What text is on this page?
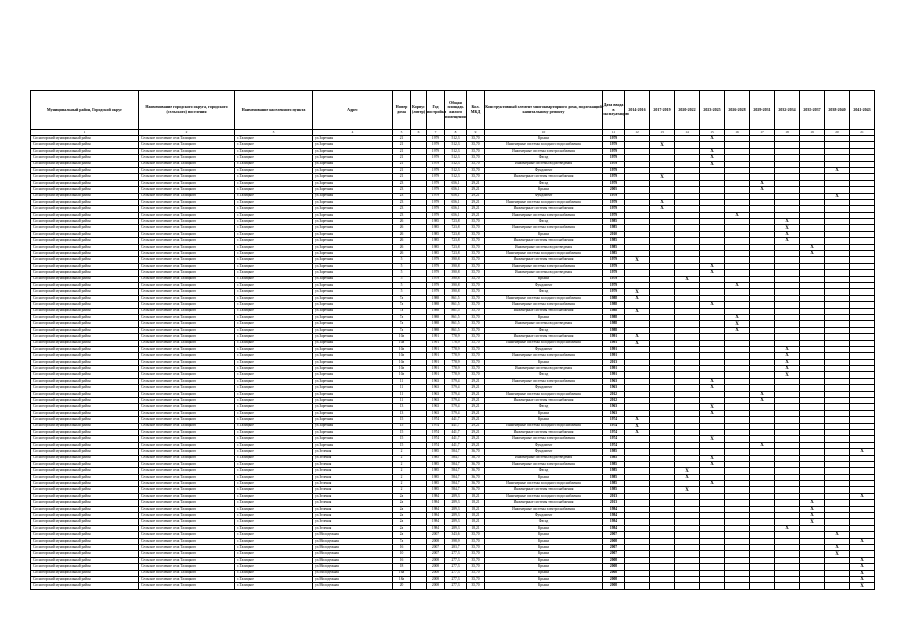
Муниципальный район, Городской округ	Наименование городского округа, городского (сельского) поселения	Наименование населенного пункта	Адрес	Номер дома	Корпус (литер)	Год постройки	Общая площадь жилого помещения	Кол. МКД	Конструктивный элемент многоквартирного дома, подлежащий капитальному ремонту	Дата ввода в эксплуатацию	2014-2016	2017-2019	2020-2022	2023-2025	2026-2028	2029-2031	2032-2034	2035-2037	2038-2040	2041-2043
1	2	3	4	5	6	7	8	9	10	11	12	13	14	15	16	17	18	19	20	21
Сосногорский муниципальный район	Сельское поселение села Талицкого	с.Талицкое	ул.Заречная	21		1979	512,3	35,70	Крыша	1979				X						
Сосногорский муниципальный район	Сельское поселение села Талицкого	с.Талицкое	ул.Заречная	21		1979	512,3	35,70	Инженерные системы холодного водоснабжения	1979		X								
Сосногорский муниципальный район	Сельское поселение села Талицкого	с.Талицкое	ул.Заречная	21		1979	512,3	35,70	Инженерные системы электроснабжения	1979				X						
Сосногорский муниципальный район	Сельское поселение села Талицкого	с.Талицкое	ул.Заречная	21		1979	512,3	35,70	Фасад	1979				X						
Сосногорский муниципальный район	Сельское поселение села Талицкого	с.Талицкое	ул.Заречная	21		1979	512,3	35,70	Инженерные системы водоотведения	1979				X						
Сосногорский муниципальный район	Сельское поселение села Талицкого	с.Талицкое	ул.Заречная	21		1979	512,3	35,70	Фундамент	1979									X	
Сосногорский муниципальный район	Сельское поселение села Талицкого	с.Талицкое	ул.Заречная	21		1979	512,3	35,70	Инженерные системы теплоснабжения	1979		X								
Сосногорский муниципальный район	Сельское поселение села Талицкого	с.Талицкое	ул.Заречная	23		1979	656,1	29,21	Фасад	1979						X				
Сосногорский муниципальный район	Сельское поселение села Талицкого	с.Талицкое	ул.Заречная	23		1979	656,1	29,21	Крыша	2005						X				
Сосногорский муниципальный район	Сельское поселение села Талицкого	с.Талицкое	ул.Заречная	23		1979	656,1	29,21	Фундамент	1979									X	
Сосногорский муниципальный район	Сельское поселение села Талицкого	с.Талицкое	ул.Заречная	23		1979	656,1	29,21	Инженерные системы холодного водоснабжения	1979		X								
Сосногорский муниципальный район	Сельское поселение села Талицкого	с.Талицкое	ул.Заречная	23		1979	656,1	29,21	Инженерные системы теплоснабжения	1979		X								
Сосногорский муниципальный район	Сельское поселение села Талицкого	с.Талицкое	ул.Заречная	23		1979	656,1	29,21	Инженерные системы электроснабжения	1979					X					
Сосногорский муниципальный район	Сельское поселение села Талицкого	с.Талицкое	ул.Заречная	26		1985	723,8	35,70	Фасад	1985							X			
Сосногорский муниципальный район	Сельское поселение села Талицкого	с.Талицкое	ул.Заречная	26		1985	723,8	35,70	Инженерные системы электроснабжения	1985							X			
Сосногорский муниципальный район	Сельское поселение села Талицкого	с.Талицкое	ул.Заречная	26		1985	723,8	35,70	Крыша	2010							X			
Сосногорский муниципальный район	Сельское поселение села Талицкого	с.Талицкое	ул.Заречная	26		1985	723,8	35,70	Инженерные системы теплоснабжения	1985							X			
Сосногорский муниципальный район	Сельское поселение села Талицкого	с.Талицкое	ул.Заречная	26		1985	723,8	35,70	Инженерные системы водоотведения	1985								X		
Сосногорский муниципальный район	Сельское поселение села Талицкого	с.Талицкое	ул.Заречная	26		1985	723,8	35,70	Инженерные системы холодного водоснабжения	1985								X		
Сосногорский муниципальный район	Сельское поселение села Талицкого	с.Талицкое	ул.Заречная	5		1979	390,8	35,70	Инженерные системы теплоснабжения	1979	X									
Сосногорский муниципальный район	Сельское поселение села Талицкого	с.Талицкое	ул.Заречная	5		1979	390,8	35,70	Инженерные системы электроснабжения	1979				X						
Сосногорский муниципальный район	Сельское поселение села Талицкого	с.Талицкое	ул.Заречная	5		1979	390,8	35,70	Инженерные системы водоотведения	1979				X						
Сосногорский муниципальный район	Сельское поселение села Талицкого	с.Талицкое	ул.Заречная	5		1979	390,8	35,70	Крыша	1979			X							
Сосногорский муниципальный район	Сельское поселение села Талицкого	с.Талицкое	ул.Заречная	5		1979	390,8	35,70	Фундамент	1979					X					
Сосногорский муниципальный район	Сельское поселение села Талицкого	с.Талицкое	ул.Заречная	5		1979	390,8	35,70	Фасад	1979	X									
Сосногорский муниципальный район	Сельское поселение села Талицкого	с.Талицкое	ул.Заречная	7а		1988	861,5	35,70	Инженерные системы холодного водоснабжения	1988	X									
Сосногорский муниципальный район	Сельское поселение села Талицкого	с.Талицкое	ул.Заречная	7а		1988	861,5	35,70	Инженерные системы электроснабжения	1988				X						
Сосногорский муниципальный район	Сельское поселение села Талицкого	с.Талицкое	ул.Заречная	7а		1988	861,5	35,70	Инженерные системы теплоснабжения	1988	X									
Сосногорский муниципальный район	Сельское поселение села Талицкого	с.Талицкое	ул.Заречная	7а		1988	861,5	35,70	Крыша	1988					X					
Сосногорский муниципальный район	Сельское поселение села Талицкого	с.Талицкое	ул.Заречная	7а		1988	861,5	35,70	Инженерные системы водоотведения	1988					X					
Сосногорский муниципальный район	Сельское поселение села Талицкого	с.Талицкое	ул.Заречная	7а		1988	861,5	35,70	Фасад	1988					X					
Сосногорский муниципальный район	Сельское поселение села Талицкого	с.Талицкое	ул.Заречная	10а		1991	778,9	35,70	Инженерные системы теплоснабжения	1991	X									
Сосногорский муниципальный район	Сельское поселение села Талицкого	с.Талицкое	ул.Заречная	10а		1991	778,9	35,70	Инженерные системы холодного водоснабжения	1991	X									
Сосногорский муниципальный район	Сельское поселение села Талицкого	с.Талицкое	ул.Заречная	10а		1991	778,9	35,70	Фундамент	1991							X			
Сосногорский муниципальный район	Сельское поселение села Талицкого	с.Талицкое	ул.Заречная	10а		1991	778,9	35,70	Инженерные системы электроснабжения	1991							X			
Сосногорский муниципальный район	Сельское поселение села Талицкого	с.Талицкое	ул.Заречная	10а		1991	778,9	35,70	Крыша	2013							X			
Сосногорский муниципальный район	Сельское поселение села Талицкого	с.Талицкое	ул.Заречная	10а		1991	778,9	35,70	Инженерные системы водоотведения	1991							X			
Сосногорский муниципальный район	Сельское поселение села Талицкого	с.Талицкое	ул.Заречная	10а		1991	778,9	35,70	Фасад	1991							X			
Сосногорский муниципальный район	Сельское поселение села Талицкого	с.Талицкое	ул.Заречная	11		1963	579,4	29,21	Инженерные системы электроснабжения	1963				X						
Сосногорский муниципальный район	Сельское поселение села Талицкого	с.Талицкое	ул.Заречная	11		1963	579,4	29,21	Фундамент	1963				X						
Сосногорский муниципальный район	Сельское поселение села Талицкого	с.Талицкое	ул.Заречная	11		1963	579,4	29,21	Инженерные системы холодного водоснабжения	2012						X				
Сосногорский муниципальный район	Сельское поселение села Талицкого	с.Талицкое	ул.Заречная	11		1963	579,4	29,21	Инженерные системы теплоснабжения	2012						X				
Сосногорский муниципальный район	Сельское поселение села Талицкого	с.Талицкое	ул.Заречная	13		1963	579,4	29,21	Фасад	1963				X						
Сосногорский муниципальный район	Сельское поселение села Талицкого	с.Талицкое	ул.Заречная	13		1963	579,4	29,21	Крыша	1963				X						
Сосногорский муниципальный район	Сельское поселение села Талицкого	с.Талицкое	ул.Заречная	15		1974	441,7	29,21	Крыша	1974	X									
Сосногорский муниципальный район	Сельское поселение села Талицкого	с.Талицкое	ул.Заречная	15		1974	441,7	29,21	Инженерные системы холодного водоснабжения	1974	X									
Сосногорский муниципальный район	Сельское поселение села Талицкого	с.Талицкое	ул.Заречная	15		1974	441,7	29,21	Инженерные системы теплоснабжения	1974	X									
Сосногорский муниципальный район	Сельское поселение села Талицкого	с.Талицкое	ул.Заречная	15		1974	441,7	29,21	Инженерные системы электроснабжения	1974				X						
Сосногорский муниципальный район	Сельское поселение села Талицкого	с.Талицкое	ул.Заречная	15		1974	441,7	29,21	Фундамент	1974						X				
Сосногорский муниципальный район	Сельское поселение села Талицкого	с.Талицкое	ул.Зеленая	2		1985	584,7	36,70	Фундамент	1985										X
Сосногорский муниципальный район	Сельское поселение села Талицкого	с.Талицкое	ул.Зеленая	2		1985	584,7	36,70	Инженерные системы водоотведения	1985				X						
Сосногорский муниципальный район	Сельское поселение села Талицкого	с.Талицкое	ул.Зеленая	2		1985	584,7	36,70	Инженерные системы электроснабжения	1985				X						
Сосногорский муниципальный район	Сельское поселение села Талицкого	с.Талицкое	ул.Зеленая	2		1985	584,7	36,70	Фасад	1985			X							
Сосногорский муниципальный район	Сельское поселение села Талицкого	с.Талицкое	ул.Зеленая	2		1985	584,7	36,70	Крыша	1985			X							
Сосногорский муниципальный район	Сельское поселение села Талицкого	с.Талицкое	ул.Зеленая	2		1985	584,7	36,70	Инженерные системы холодного водоснабжения	1985				X						
Сосногорский муниципальный район	Сельское поселение села Талицкого	с.Талицкое	ул.Зеленая	2		1985	584,7	36,70	Инженерные системы теплоснабжения	1985			X							
Сосногорский муниципальный район	Сельское поселение села Талицкого	с.Талицкое	ул.Зеленая	2а		1984	289,3	18,21	Инженерные системы холодного водоснабжения	2013										X
Сосногорский муниципальный район	Сельское поселение села Талицкого	с.Талицкое	ул.Зеленая	2а		1984	289,3	18,21	Инженерные системы теплоснабжения	2013								X		
Сосногорский муниципальный район	Сельское поселение села Талицкого	с.Талицкое	ул.Зеленая	2а		1984	289,3	18,21	Инженерные системы электроснабжения	1984								X		
Сосногорский муниципальный район	Сельское поселение села Талицкого	с.Талицкое	ул.Зеленая	2а		1984	289,3	18,21	Фундамент	1984								X		
Сосногорский муниципальный район	Сельское поселение села Талицкого	с.Талицкое	ул.Зеленая	2а		1984	289,3	18,21	Фасад	1984								X		
Сосногорский муниципальный район	Сельское поселение села Талицкого	с.Талицкое	ул.Зеленая	2а		1984	289,3	18,21	Крыша	1984							X			
Сосногорский муниципальный район	Сельское поселение села Талицкого	с.Талицкое	ул.Молодежная	2а		2007	343,6	35,70	Крыша	2007									X	
Сосногорский муниципальный район	Сельское поселение села Талицкого	с.Талицкое	ул.Молодежная	7а		2008	398,9	35,70	Крыша	2008										X
Сосногорский муниципальный район	Сельское поселение села Талицкого	с.Талицкое	ул.Молодежная	16		2007	283,7	35,70	Крыша	2007									X	
Сосногорский муниципальный район	Сельское поселение села Талицкого	с.Талицкое	ул.Молодежная	10		2007	277,3	35,70	Крыша	2007									X	
Сосногорский муниципальный район	Сельское поселение села Талицкого	с.Талицкое	ул.Молодежная	16		2008	277,3	35,70	Крыша	2008										X
Сосногорский муниципальный район	Сельское поселение села Талицкого	с.Талицкое	ул.Молодежная	18		2008	277,3	35,70	Крыша	2008										X
Сосногорский муниципальный район	Сельское поселение села Талицкого	с.Талицкое	ул.Молодежная	16а		2008	277,3	35,70	Крыша	2008										X
Сосногорский муниципальный район	Сельское поселение села Талицкого	с.Талицкое	ул.Молодежная	18а		2008	277,3	35,70	Крыша	2008										X
Сосногорский муниципальный район	Сельское поселение села Талицкого	с.Талицкое	ул.Молодежная	20		2008	277,3	35,70	Крыша	2008										X
